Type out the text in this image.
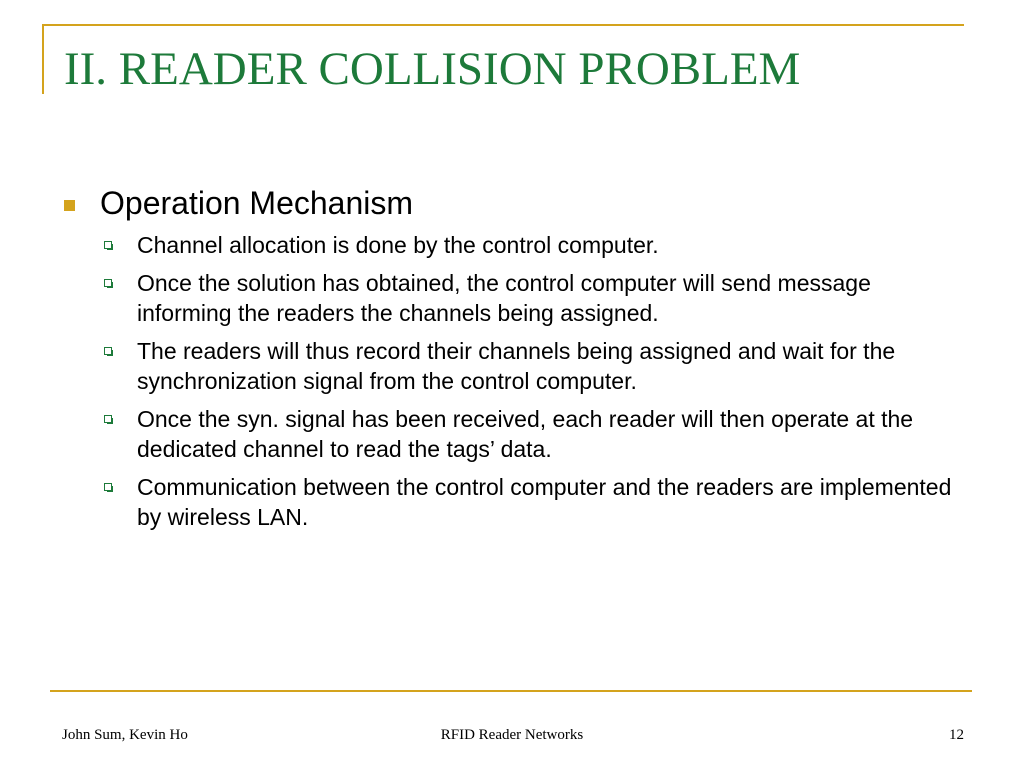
II. READER COLLISION PROBLEM
Operation Mechanism
Channel allocation is done by the control computer.
Once the solution has obtained, the control computer will send message informing the readers the channels being assigned.
The readers will thus record their channels being assigned and wait for the synchronization signal from the control computer.
Once the syn. signal has been received, each reader will then operate at the dedicated channel to read the tags’ data.
Communication between the control computer and the readers are implemented by wireless LAN.
John Sum, Kevin Ho	RFID Reader Networks	12
